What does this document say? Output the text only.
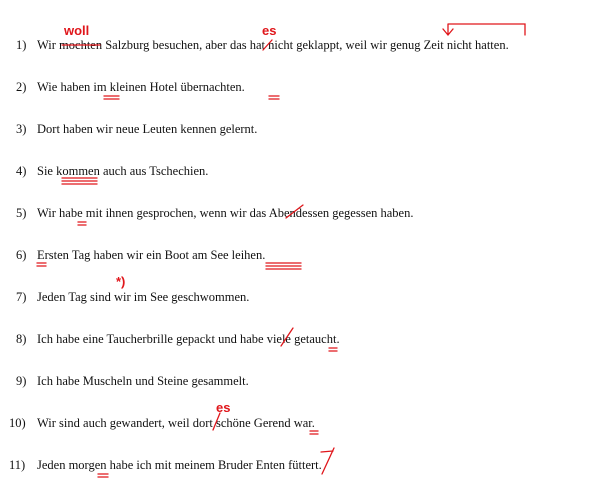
1) Wir mochten Salzburg besuchen, aber das hat nicht geklappt, weil wir genug Zeit nicht hatten.
2) Wie haben im kleinen Hotel übernachten.
3) Dort haben wir neue Leuten kennen gelernt.
4) Sie kommen auch aus Tschechien.
5) Wir habe mit ihnen gesprochen, wenn wir das Abendessen gegessen haben.
6) Ersten Tag haben wir ein Boot am See leihen.
7) Jeden Tag sind wir im See geschwommen.
8) Ich habe eine Taucherbrille gepackt und habe viele getaucht.
9) Ich habe Muscheln und Steine gesammelt.
10) Wir sind auch gewandert, weil dort schöne Gerend war.
11) Jeden morgen habe ich mit meinem Bruder Enten füttert.
woll	es
*)
es
